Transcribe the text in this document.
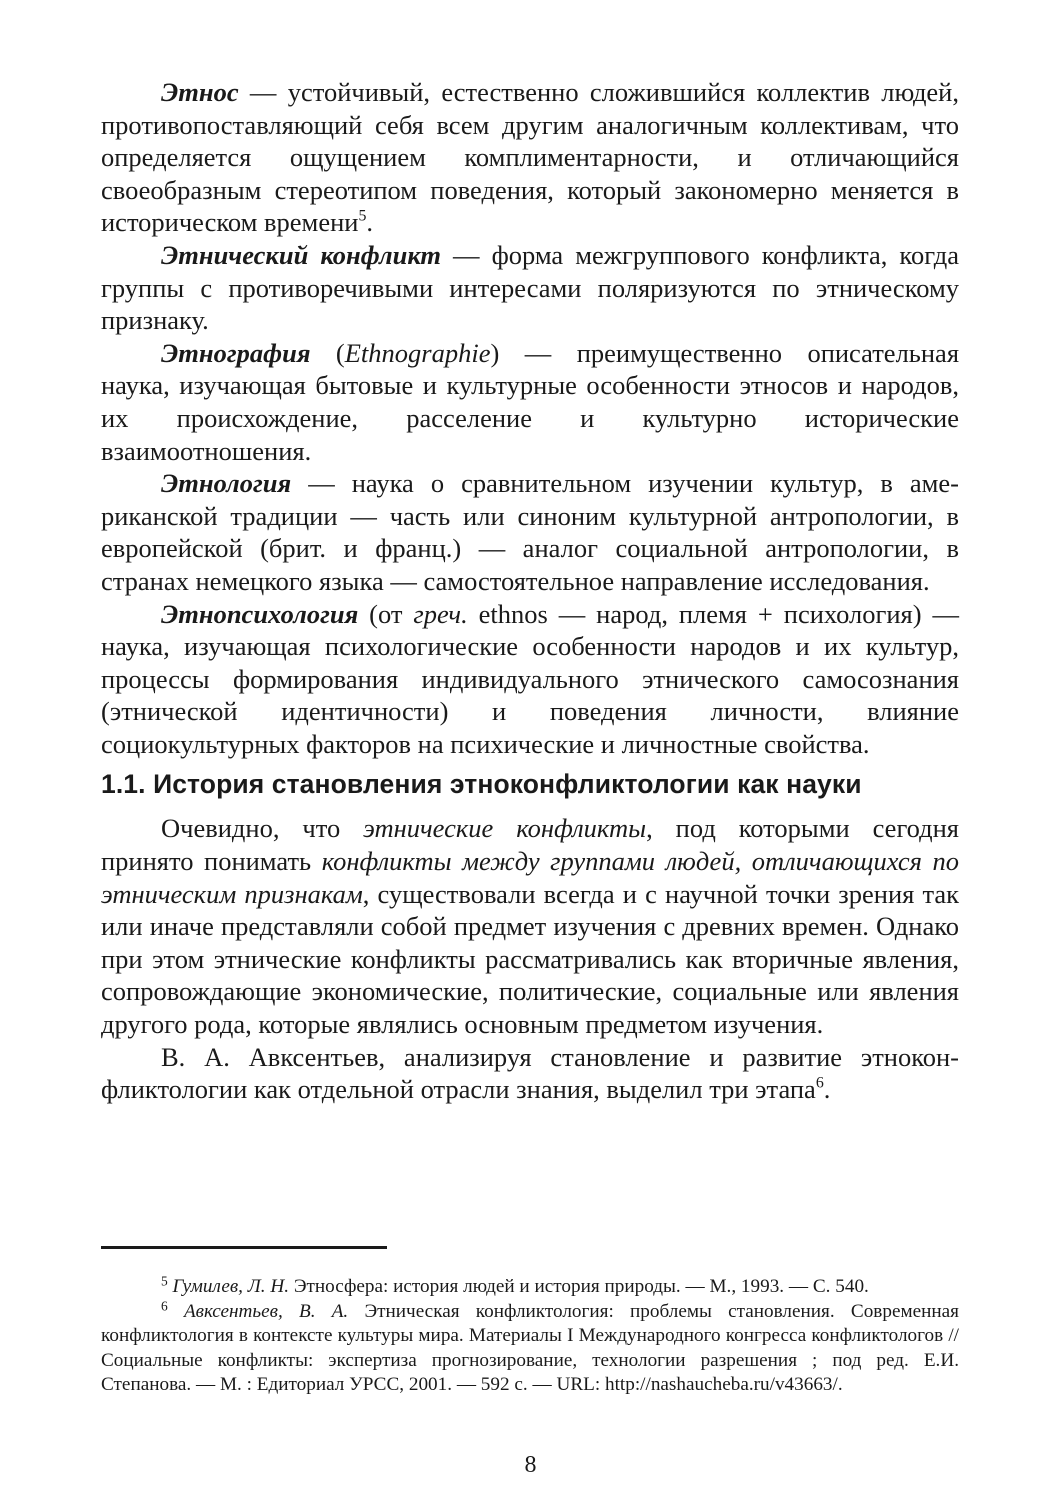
Этнос — устойчивый, естественно сложившийся коллектив людей, противопоставляющий себя всем другим аналогичным коллективам, что определяется ощущением комплиментарности, и отличающийся своеобразным стереотипом поведения, который закономерно меняется в историческом времени$^5$.

Этнический конфликт — форма межгруппового конфликта, когда группы с противоречивыми интересами поляризуются по этническому признаку.

Этнография (Ethnographie) — преимущественно описательная наука, изучающая бытовые и культурные особенности этносов и народов, их происхождение, расселение и культурно исторические взаимоотношения.

Этнология — наука о сравнительном изучении культур, в американской традиции — часть или синоним культурной антропологии, в европейской (брит. и франц.) — аналог социальной антропологии, в странах немецкого языка — самостоятельное направление исследования.

Этнопсихология (от греч. ethnos — народ, племя + психология) — наука, изучающая психологические особенности народов и их культур, процессы формирования индивидуального этнического самосознания (этнической идентичности) и поведения личности, влияние социокультурных факторов на психические и личностные свойства.

1.1. История становления этноконфликтологии как науки

Очевидно, что этнические конфликты, под которыми сегодня принято понимать конфликты между группами людей, отличающихся по этническим признакам, существовали всегда и с научной точки зрения так или иначе представляли собой предмет изучения с древних времен. Однако при этом этнические конфликты рассматривались как вторичные явления, сопровождающие экономические, политические, социальные или явления другого рода, которые являлись основным предметом изучения.

В. А. Авксентьев, анализируя становление и развитие этноконфликтологии как отдельной отрасли знания, выделил три этапа$^6$.

$^5$ Гумилев, Л. Н. Этносфера: история людей и история природы. — М., 1993. — С. 540.

$^6$ Авксентьев, В. А. Этническая конфликтология: проблемы становления. Современная конфликтология в контексте культуры мира. Материалы I Международного конгресса конфликтологов // Социальные конфликты: экспертиза прогнозирование, технологии разрешения ; под ред. Е.И. Степанова. — М. : Едиториал УРСС, 2001. — 592 с. — URL: http://nashaucheba.ru/v43663/.

8
